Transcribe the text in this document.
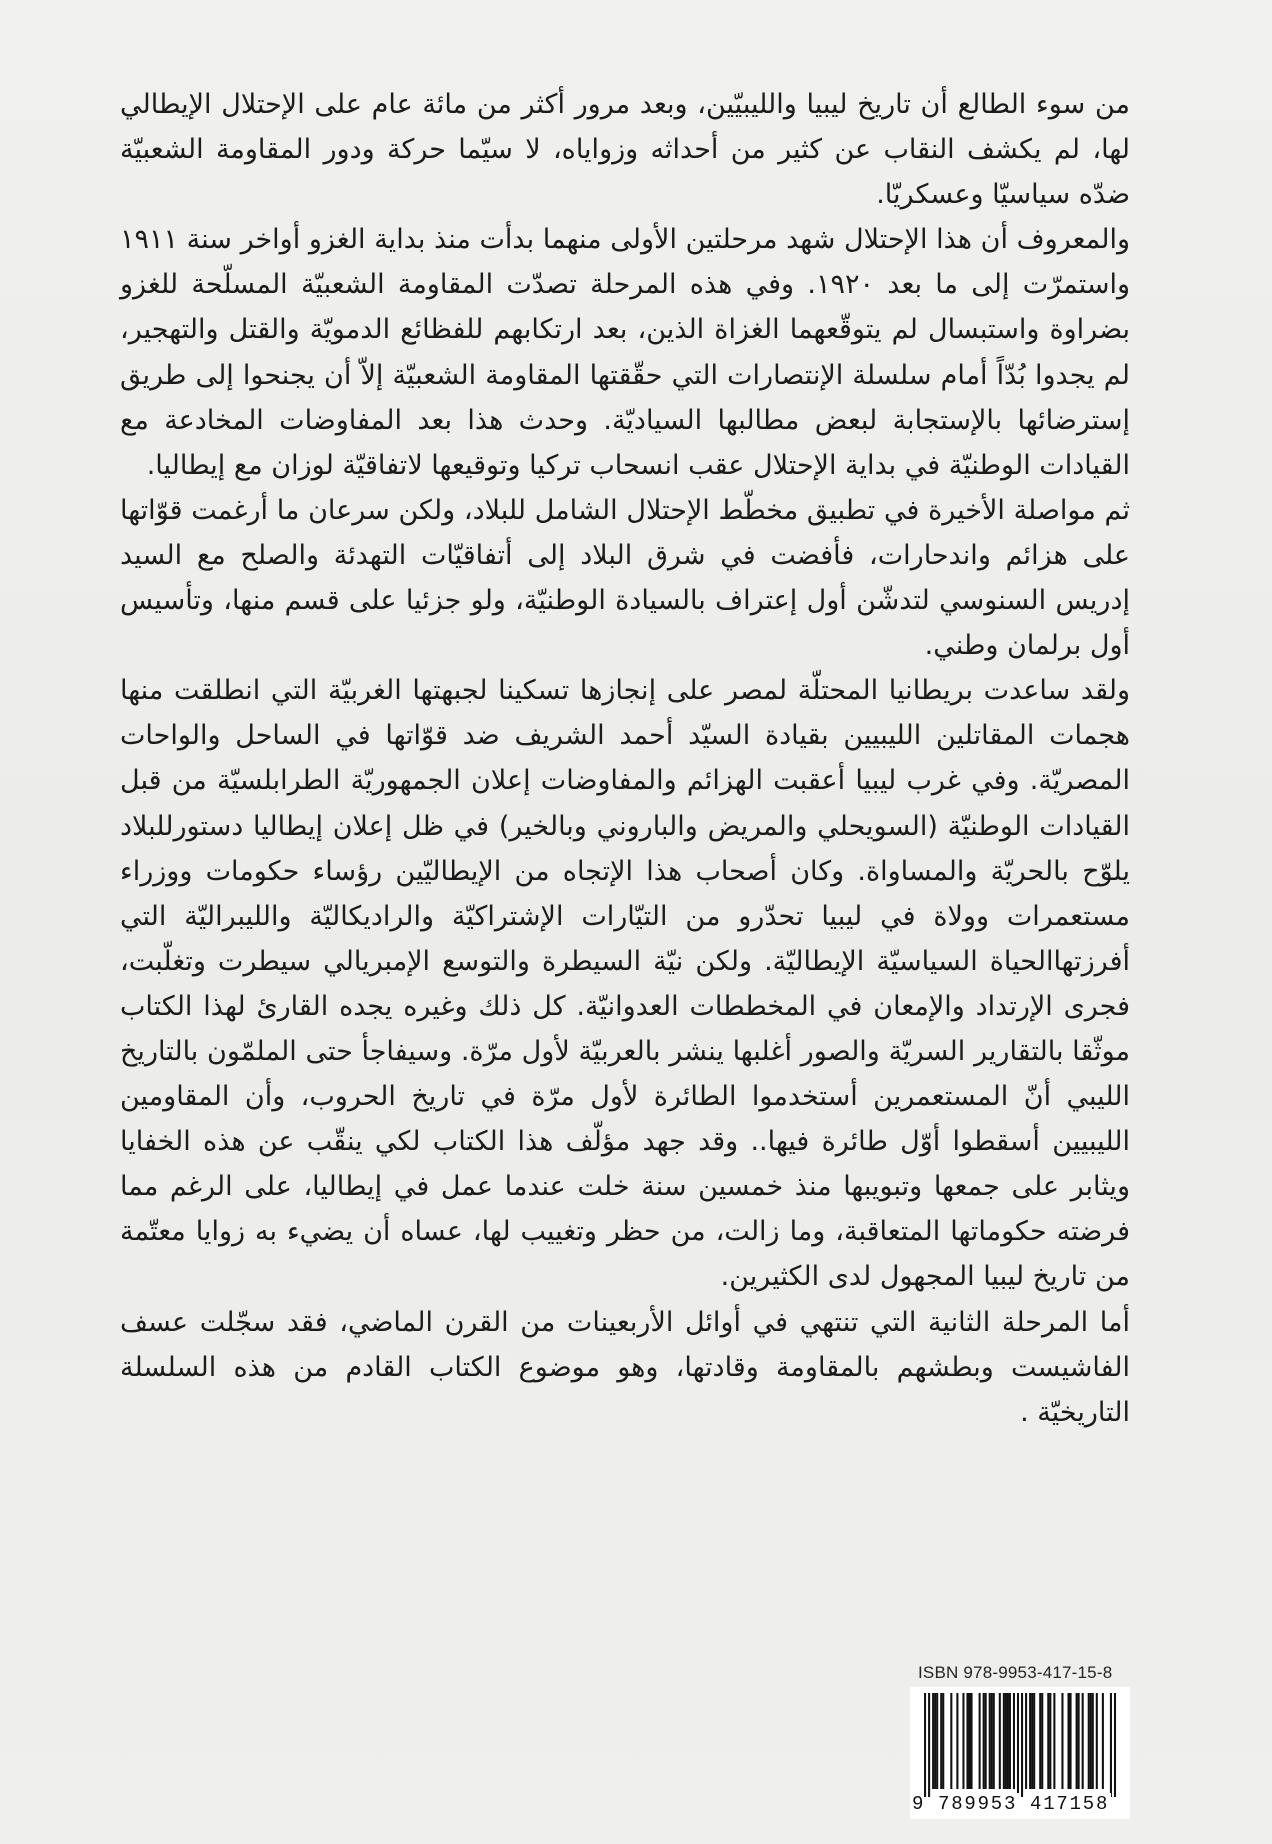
من سوء الطالع أن تاريخ ليبيا والليبيّين، وبعد مرور أكثر من مائة عام على الإحتلال الإيطالي لها، لم يكشف النقاب عن كثير من أحداثه وزواياه، لا سيّما حركة ودور المقاومة الشعبيّة ضدّه سياسيّا وعسكريّا.

والمعروف أن هذا الإحتلال شهد مرحلتين الأولى منهما بدأت منذ بداية الغزو أواخر سنة ١٩١١ واستمرّت إلى ما بعد ١٩٢٠. وفي هذه المرحلة تصدّت المقاومة الشعبيّة المسلّحة للغزو بضراوة واستبسال لم يتوقّعهما الغزاة الذين، بعد ارتكابهم للفظائع الدمويّة والقتل والتهجير، لم يجدوا بُدّاً أمام سلسلة الإنتصارات التي حقّقتها المقاومة الشعبيّة إلاّ أن يجنحوا إلى طريق إسترضائها بالإستجابة لبعض مطالبها السياديّة. وحدث هذا بعد المفاوضات المخادعة مع القيادات الوطنيّة في بداية الإحتلال عقب انسحاب تركيا وتوقيعها لاتفاقيّة لوزان مع إيطاليا.

ثم مواصلة الأخيرة في تطبيق مخطّط الإحتلال الشامل للبلاد، ولكن سرعان ما أرغمت قوّاتها على هزائم واندحارات، فأفضت في شرق البلاد إلى أتفاقيّات التهدئة والصلح مع السيد إدريس السنوسي لتدشّن أول إعتراف بالسيادة الوطنيّة، ولو جزئيا على قسم منها، وتأسيس أول برلمان وطني.

ولقد ساعدت بريطانيا المحتلّة لمصر على إنجازها تسكينا لجبهتها الغربيّة التي انطلقت منها هجمات المقاتلين الليبيين بقيادة السيّد أحمد الشريف ضد قوّاتها في الساحل والواحات المصريّة. وفي غرب ليبيا أعقبت الهزائم والمفاوضات إعلان الجمهوريّة الطرابلسيّة من قبل القيادات الوطنيّة (السويحلي والمريض والباروني وبالخير) في ظل إعلان إيطاليا دستورللبلاد يلوّح بالحريّة والمساواة. وكان أصحاب هذا الإتجاه من الإيطاليّين رؤساء حكومات ووزراء مستعمرات وولاة في ليبيا تحدّرو من التيّارات الإشتراكيّة والراديكاليّة والليبراليّة التي أفرزتهاالحياة السياسيّة الإيطاليّة. ولكن نيّة السيطرة والتوسع الإمبريالي سيطرت وتغلّبت، فجرى الإرتداد والإمعان في المخططات العدوانيّة. كل ذلك وغيره يجده القارئ لهذا الكتاب موثّقا بالتقارير السريّة والصور أغلبها ينشر بالعربيّة لأول مرّة. وسيفاجأ حتى الملمّون بالتاريخ الليبي أنّ المستعمرين أستخدموا الطائرة لأول مرّة في تاريخ الحروب، وأن المقاومين الليبيين أسقطوا أوّل طائرة فيها.. وقد جهد مؤلّف هذا الكتاب لكي ينقّب عن هذه الخفايا ويثابر على جمعها وتبويبها منذ خمسين سنة خلت عندما عمل في إيطاليا، على الرغم مما فرضته حكوماتها المتعاقبة، وما زالت، من حظر وتغييب لها، عساه أن يضيء به زوايا معتّمة من تاريخ ليبيا المجهول لدى الكثيرين.

أما المرحلة الثانية التي تنتهي في أوائل الأربعينات من القرن الماضي، فقد سجّلت عسف الفاشيست وبطشهم بالمقاومة وقادتها، وهو موضوع الكتاب القادم من هذه السلسلة التاريخيّة .

ISBN 978-9953-417-15-8
9 789953 417158
